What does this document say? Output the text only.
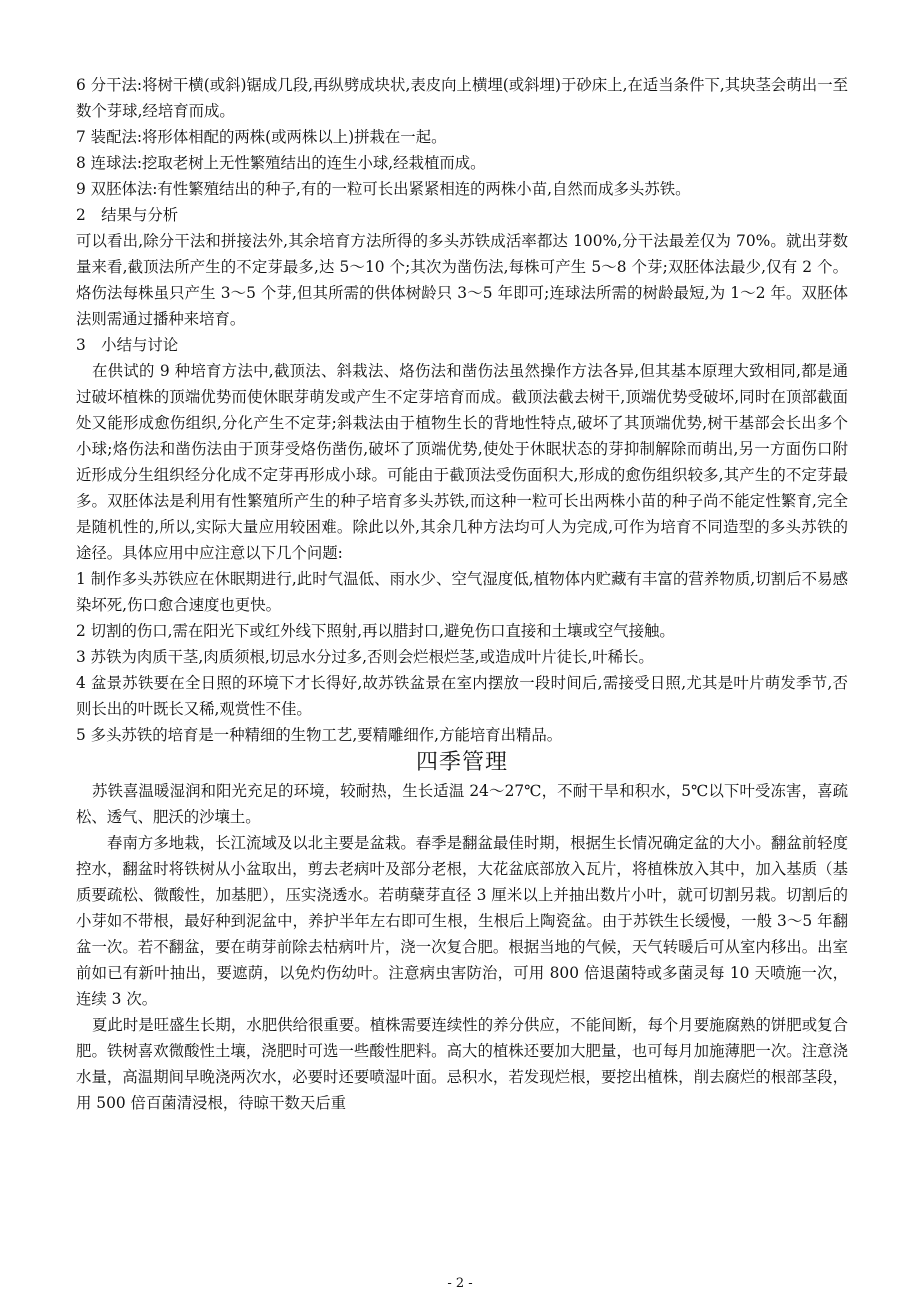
6 分干法:将树干横(或斜)锯成几段,再纵劈成块状,表皮向上横埋(或斜埋)于砂床上,在适当条件下,其块茎会萌出一至数个芽球,经培育而成。

7 装配法:将形体相配的两株(或两株以上)拼栽在一起。

8 连球法:挖取老树上无性繁殖结出的连生小球,经栽植而成。

9 双胚体法:有性繁殖结出的种子,有的一粒可长出紧紧相连的两株小苗,自然而成多头苏铁。

2　结果与分析

可以看出,除分干法和拼接法外,其余培育方法所得的多头苏铁成活率都达 100%,分干法最差仅为 70%。就出芽数量来看,截顶法所产生的不定芽最多,达 5～10 个;其次为凿伤法,每株可产生 5～8 个芽;双胚体法最少,仅有 2 个。烙伤法每株虽只产生 3～5 个芽,但其所需的供体树龄只 3～5 年即可;连球法所需的树龄最短,为 1～2 年。双胚体法则需通过播种来培育。

3　小结与讨论

在供试的 9 种培育方法中,截顶法、斜栽法、烙伤法和凿伤法虽然操作方法各异,但其基本原理大致相同,都是通过破坏植株的顶端优势而使休眠芽萌发或产生不定芽培育而成。截顶法截去树干,顶端优势受破坏,同时在顶部截面处又能形成愈伤组织,分化产生不定芽;斜栽法由于植物生长的背地性特点,破坏了其顶端优势,树干基部会长出多个小球;烙伤法和凿伤法由于顶芽受烙伤凿伤,破坏了顶端优势,使处于休眠状态的芽抑制解除而萌出,另一方面伤口附近形成分生组织经分化成不定芽再形成小球。可能由于截顶法受伤面积大,形成的愈伤组织较多,其产生的不定芽最多。双胚体法是利用有性繁殖所产生的种子培育多头苏铁,而这种一粒可长出两株小苗的种子尚不能定性繁育,完全是随机性的,所以,实际大量应用较困难。除此以外,其余几种方法均可人为完成,可作为培育不同造型的多头苏铁的途径。具体应用中应注意以下几个问题:

1 制作多头苏铁应在休眠期进行,此时气温低、雨水少、空气湿度低,植物体内贮藏有丰富的营养物质,切割后不易感染坏死,伤口愈合速度也更快。

2 切割的伤口,需在阳光下或红外线下照射,再以腊封口,避免伤口直接和土壤或空气接触。

3 苏铁为肉质干茎,肉质须根,切忌水分过多,否则会烂根烂茎,或造成叶片徒长,叶稀长。

4 盆景苏铁要在全日照的环境下才长得好,故苏铁盆景在室内摆放一段时间后,需接受日照,尤其是叶片萌发季节,否则长出的叶既长又稀,观赏性不佳。

5 多头苏铁的培育是一种精细的生物工艺,要精雕细作,方能培育出精品。

四季管理

苏铁喜温暖湿润和阳光充足的环境，较耐热，生长适温 24～27℃，不耐干旱和积水，5℃以下叶受冻害，喜疏松、透气、肥沃的沙壤土。

春南方多地栽，长江流域及以北主要是盆栽。春季是翻盆最佳时期，根据生长情况确定盆的大小。翻盆前轻度控水，翻盆时将铁树从小盆取出，剪去老病叶及部分老根，大花盆底部放入瓦片，将植株放入其中，加入基质（基质要疏松、微酸性，加基肥），压实浇透水。若萌蘖芽直径 3 厘米以上并抽出数片小叶，就可切割另栽。切割后的小芽如不带根，最好种到泥盆中，养护半年左右即可生根，生根后上陶瓷盆。由于苏铁生长缓慢，一般 3～5 年翻盆一次。若不翻盆，要在萌芽前除去枯病叶片，浇一次复合肥。根据当地的气候，天气转暖后可从室内移出。出室前如已有新叶抽出，要遮荫，以免灼伤幼叶。注意病虫害防治，可用 800 倍退菌特或多菌灵每 10 天喷施一次，连续 3 次。

夏此时是旺盛生长期，水肥供给很重要。植株需要连续性的养分供应，不能间断，每个月要施腐熟的饼肥或复合肥。铁树喜欢微酸性土壤，浇肥时可选一些酸性肥料。高大的植株还要加大肥量，也可每月加施薄肥一次。注意浇水量，高温期间早晚浇两次水，必要时还要喷湿叶面。忌积水，若发现烂根，要挖出植株，削去腐烂的根部茎段，用 500 倍百菌清浸根，待晾干数天后重

- 2 -
